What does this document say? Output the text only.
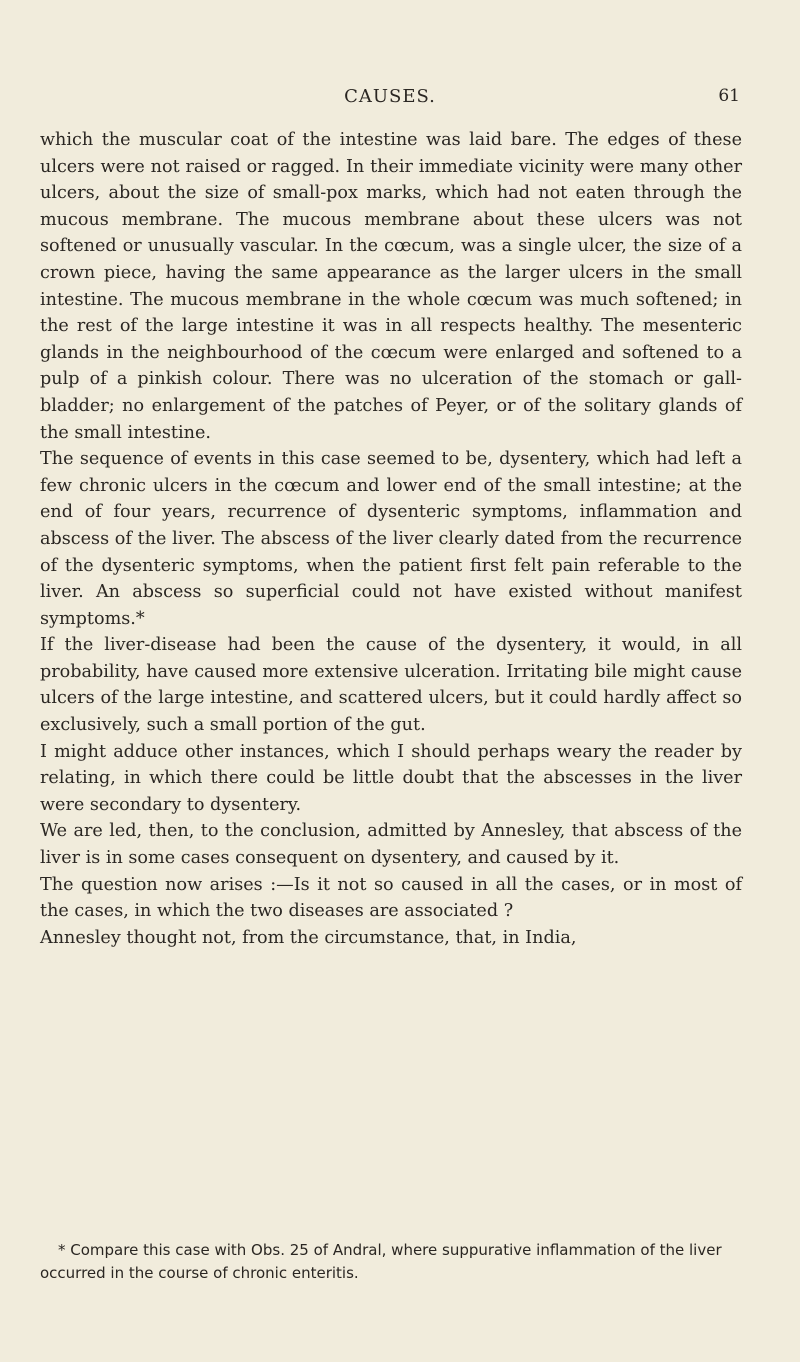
CAUSES.	61

which the muscular coat of the intestine was laid bare. The edges of these ulcers were not raised or ragged. In their immediate vicinity were many other ulcers, about the size of small-pox marks, which had not eaten through the mucous membrane. The mucous membrane about these ulcers was not softened or unusually vascular. In the cœcum, was a single ulcer, the size of a crown piece, having the same appearance as the larger ulcers in the small intestine. The mucous membrane in the whole cœcum was much softened; in the rest of the large intestine it was in all respects healthy. The mesenteric glands in the neighbourhood of the cœcum were enlarged and softened to a pulp of a pinkish colour. There was no ulceration of the stomach or gall-bladder; no enlargement of the patches of Peyer, or of the solitary glands of the small intestine.

The sequence of events in this case seemed to be, dysentery, which had left a few chronic ulcers in the cœcum and lower end of the small intestine; at the end of four years, recurrence of dysenteric symptoms, inflammation and abscess of the liver. The abscess of the liver clearly dated from the recurrence of the dysenteric symptoms, when the patient first felt pain referable to the liver. An abscess so superficial could not have existed without manifest symptoms.*

If the liver-disease had been the cause of the dysentery, it would, in all probability, have caused more extensive ulceration. Irritating bile might cause ulcers of the large intestine, and scattered ulcers, but it could hardly affect so exclusively, such a small portion of the gut.

I might adduce other instances, which I should perhaps weary the reader by relating, in which there could be little doubt that the abscesses in the liver were secondary to dysentery.

We are led, then, to the conclusion, admitted by Annesley, that abscess of the liver is in some cases consequent on dysentery, and caused by it.

The question now arises :—Is it not so caused in all the cases, or in most of the cases, in which the two diseases are associated ?

Annesley thought not, from the circumstance, that, in India,

* Compare this case with Obs. 25 of Andral, where suppurative inflammation of the liver occurred in the course of chronic enteritis.
